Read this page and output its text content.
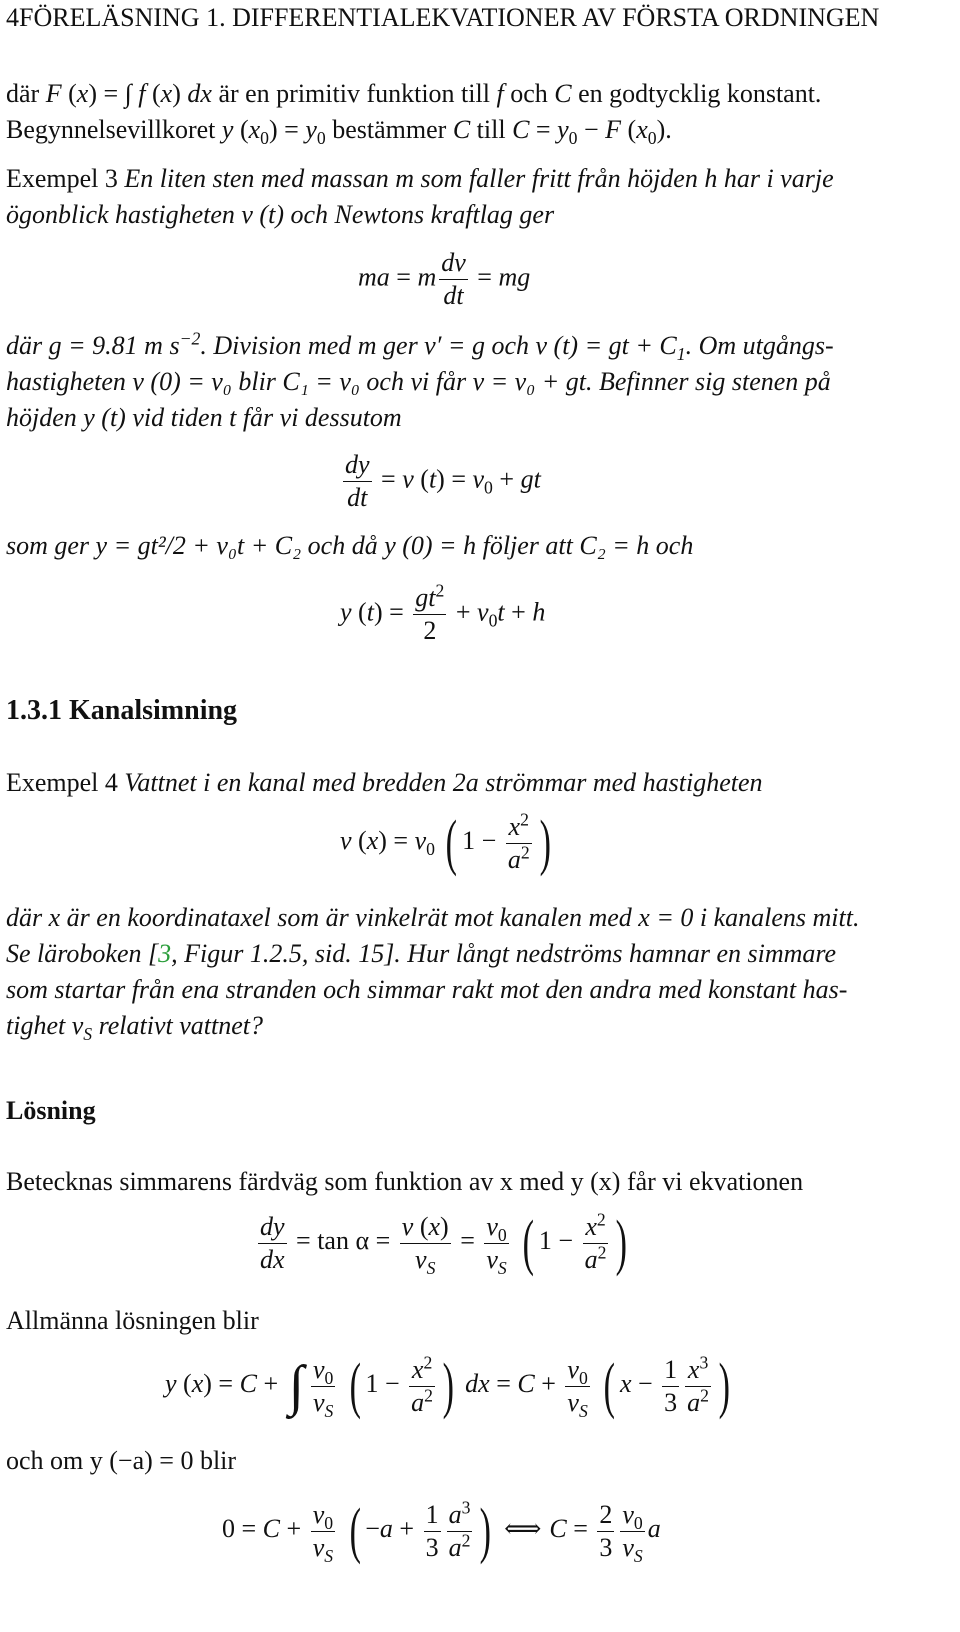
4FÖRELÄSNING 1. DIFFERENTIALEKVATIONER AV FÖRSTA ORDNINGEN
där F (x) = ∫ f (x) dx är en primitiv funktion till f och C en godtycklig konstant.
Begynnelsevillkoret y $(x_0) = y_0$ bestämmer C till $C = y_0 - F$ $(x_0)$.
Exempel 3 En liten sten med massan m som faller fritt från höjden h har i varje
ögonblick hastigheten v (t) och Newtons kraftlag ger
ma = m $\frac{dv}{dt}$ = mg
där g = 9.81 m $s^{-2}$. Division med m ger v′ = g och v (t) = gt + $C_1$. Om utgångs-
hastigheten v (0) = v₀ blir C₁ = v₀ och vi får v = v₀ + gt. Befinner sig stenen på
höjden y (t) vid tiden t får vi dessutom
$\frac{dy}{dt} = v$ $(t) = v_0$ + gt
som ger y = gt²/2 + v₀t + C₂ och då y (0) = h följer att C₂ = h och
y $(t) = \frac{gt^2}{2} + v_0t + h$
1.3.1 Kanalsimning
Exempel 4 Vattnet i en kanal med bredden 2a strömmar med hastigheten
v $(x) = v_0$ ( $1 - \frac{x^2}{a^2}$ )
där x är en koordinataxel som är vinkelrät mot kanalen med x = 0 i kanalens mitt.
Se läroboken [3, Figur 1.2.5, sid. 15]. Hur långt nedströms hamnar en simmare
som startar från ena stranden och simmar rakt mot den andra med konstant has-
tighet $v_S$ relativt vattnet?
Lösning
Betecknas simmarens färdväg som funktion av x med y (x) får vi ekvationen
$\frac{dy}{dx} = \tan \alpha = \frac{v (x)}{v_S} = \frac{v_0}{v_S}$ ( $1 - \frac{x^2}{a^2}$ )
Allmänna lösningen blir
y (x) = C + ∫ $\frac{v_0}{v_S}$ ( $1 - \frac{x^2}{a^2}$ ) dx = $C + \frac{v_0}{v_S}$ ( $x - \frac{1}{3} \frac{x^3}{a^2}$ )
och om y (−a) = 0 blir
$0 = C + \frac{v_0}{v_S}$ ( $-a + \frac{1}{3} \frac{a^3}{a^2}$ ) ⟺ $C = \frac{2}{3} \frac{v_0}{v_S}$ a
